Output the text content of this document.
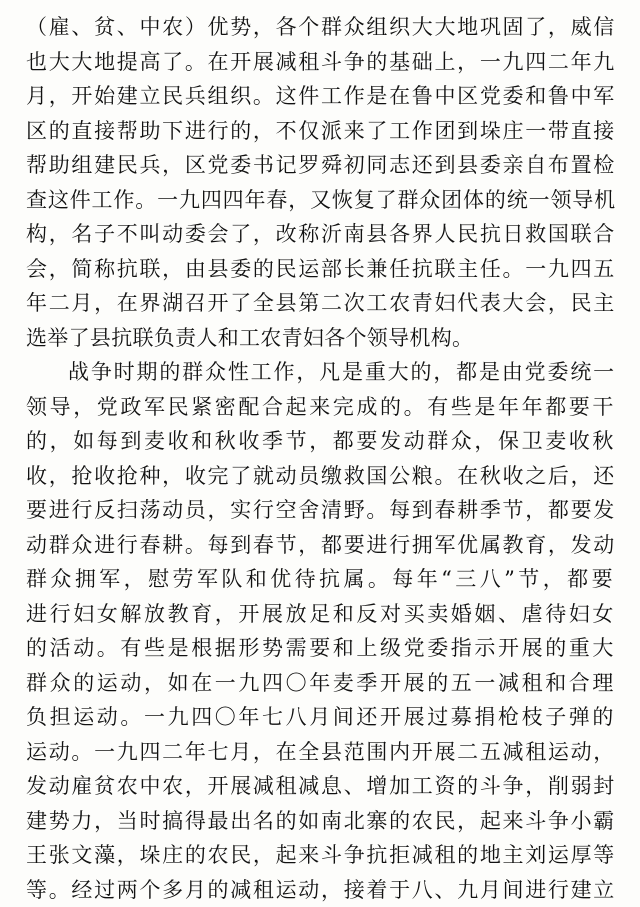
（雇、贫、中农）优势，各个群众组织大大地巩固了，威信
也大大地提高了。在开展减租斗争的基础上，一九四二年九
月，开始建立民兵组织。这件工作是在鲁中区党委和鲁中军
区的直接帮助下进行的，不仅派来了工作团到垛庄一带直接
帮助组建民兵，区党委书记罗舜初同志还到县委亲自布置检
查这件工作。一九四四年春，又恢复了群众团体的统一领导机
构，名子不叫动委会了，改称沂南县各界人民抗日救国联合
会，简称抗联，由县委的民运部长兼任抗联主任。一九四五
年二月，在界湖召开了全县第二次工农青妇代表大会，民主
选举了县抗联负责人和工农青妇各个领导机构。
战争时期的群众性工作，凡是重大的，都是由党委统一
领导，党政军民紧密配合起来完成的。有些是年年都要干
的，如每到麦收和秋收季节，都要发动群众，保卫麦收秋
收，抢收抢种，收完了就动员缴救国公粮。在秋收之后，还
要进行反扫荡动员，实行空舍清野。每到春耕季节，都要发
动群众进行春耕。每到春节，都要进行拥军优属教育，发动
群众拥军，慰劳军队和优待抗属。每年“三八”节，都要
进行妇女解放教育，开展放足和反对买卖婚姻、虐待妇女
的活动。有些是根据形势需要和上级党委指示开展的重大
群众的运动，如在一九四〇年麦季开展的五一减租和合理
负担运动。一九四〇年七八月间还开展过募捐枪枝子弹的
运动。一九四二年七月，在全县范围内开展二五减租运动，
发动雇贫农中农，开展减租减息、增加工资的斗争，削弱封
建势力，当时搞得最出名的如南北寨的农民，起来斗争小霸
王张文藻，垛庄的农民，起来斗争抗拒减租的地主刘运厚等
等。经过两个多月的减租运动，接着于八、九月间进行建立
